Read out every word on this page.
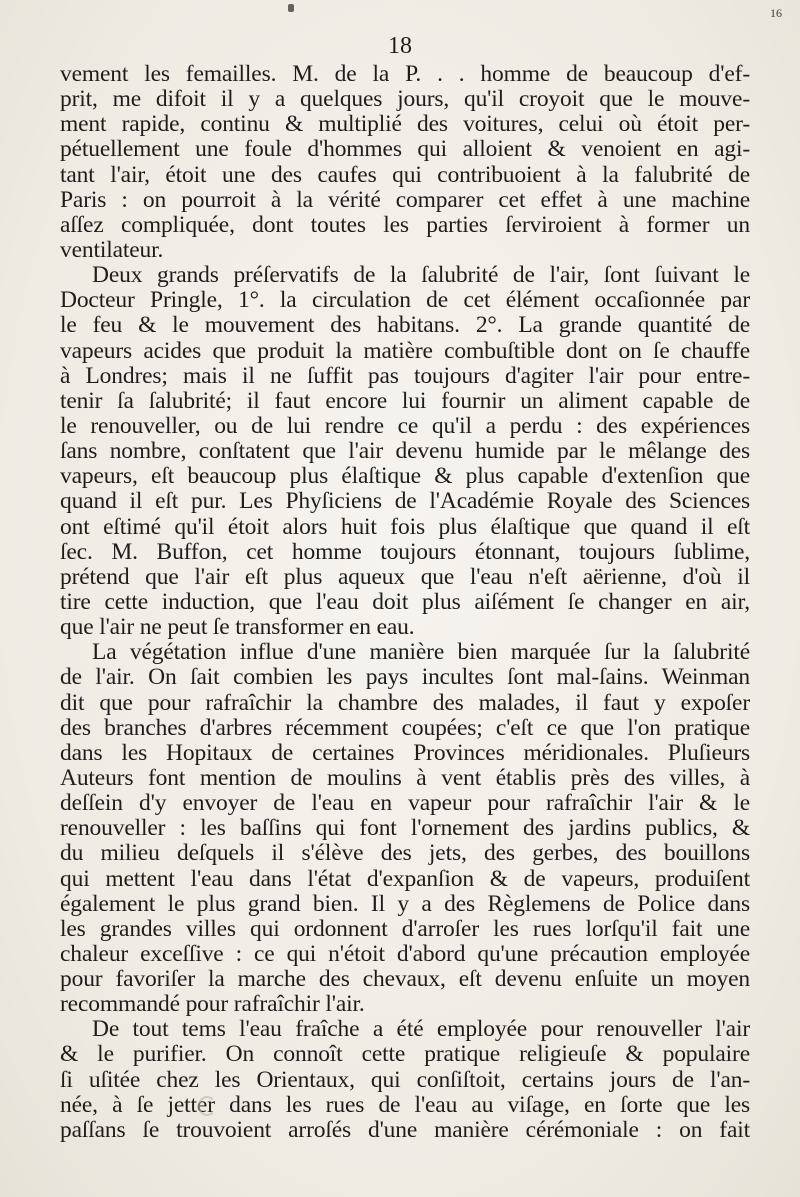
16
18
vement les femailles. M. de la P. . . homme de beaucoup d'ef-
prit, me difoit il y a quelques jours, qu'il croyoit que le mouve-
ment rapide, continu & multiplié des voitures, celui où étoit per-
pétuellement une foule d'hommes qui alloient & venoient en agi-
tant l'air, étoit une des caufes qui contribuoient à la falubrité de
Paris : on pourroit à la vérité comparer cet effet à une machine
aſſez compliquée, dont toutes les parties ſerviroient à former un
ventilateur.
Deux grands préſervatifs de la ſalubrité de l'air, ſont ſuivant le
Docteur Pringle, 1°. la circulation de cet élément occaſionnée par
le feu & le mouvement des habitans. 2°. La grande quantité de
vapeurs acides que produit la matière combuſtible dont on ſe chauffe
à Londres; mais il ne ſuffit pas toujours d'agiter l'air pour entre-
tenir ſa ſalubrité; il faut encore lui fournir un aliment capable de
le renouveller, ou de lui rendre ce qu'il a perdu : des expériences
ſans nombre, conſtatent que l'air devenu humide par le mêlange des
vapeurs, eſt beaucoup plus élaſtique & plus capable d'extenſion que
quand il eſt pur. Les Phyſiciens de l'Académie Royale des Sciences
ont eſtimé qu'il étoit alors huit fois plus élaſtique que quand il eſt
ſec. M. Buffon, cet homme toujours étonnant, toujours ſublime,
prétend que l'air eſt plus aqueux que l'eau n'eſt aërienne, d'où il
tire cette induction, que l'eau doit plus aiſément ſe changer en air,
que l'air ne peut ſe transformer en eau.
La végétation influe d'une manière bien marquée ſur la ſalubrité
de l'air. On ſait combien les pays incultes ſont mal-ſains. Weinman
dit que pour rafraîchir la chambre des malades, il faut y expoſer
des branches d'arbres récemment coupées; c'eſt ce que l'on pratique
dans les Hopitaux de certaines Provinces méridionales. Pluſieurs
Auteurs font mention de moulins à vent établis près des villes, à
deſſein d'y envoyer de l'eau en vapeur pour rafraîchir l'air & le
renouveller : les baſſins qui font l'ornement des jardins publics, &
du milieu deſquels il s'élève des jets, des gerbes, des bouillons
qui mettent l'eau dans l'état d'expanſion & de vapeurs, produiſent
également le plus grand bien. Il y a des Règlemens de Police dans
les grandes villes qui ordonnent d'arroſer les rues lorſqu'il fait une
chaleur exceſſive : ce qui n'étoit d'abord qu'une précaution employée
pour favoriſer la marche des chevaux, eſt devenu enſuite un moyen
recommandé pour rafraîchir l'air.
De tout tems l'eau fraîche a été employée pour renouveller l'air
& le purifier. On connoît cette pratique religieuſe & populaire
ſi uſitée chez les Orientaux, qui conſiſtoit, certains jours de l'an-
née, à ſe jetter dans les rues de l'eau au viſage, en ſorte que les
paſſans ſe trouvoient arroſés d'une manière cérémoniale : on fait
